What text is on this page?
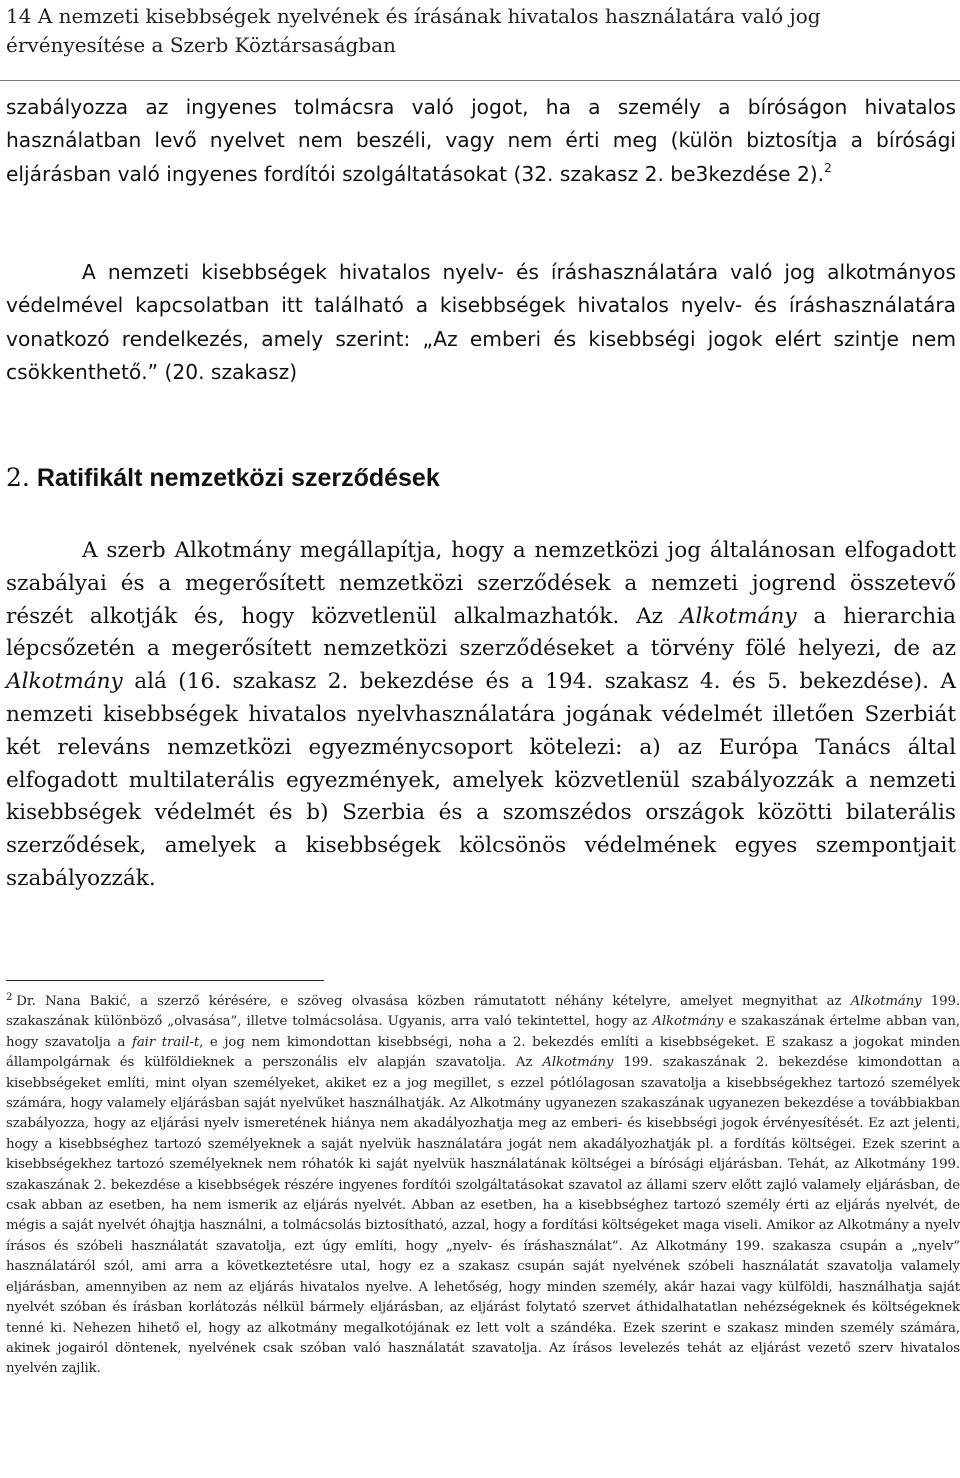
14 A nemzeti kisebbségek nyelvének és írásának hivatalos használatára való jog érvényesítése a Szerb Köztársaságban

szabályozza az ingyenes tolmácsra való jogot, ha a személy a bíróságon hivatalos használatban levő nyelvet nem beszéli, vagy nem érti meg (külön biztosítja a bírósági eljárásban való ingyenes fordítói szolgáltatásokat (32. szakasz 2. be3kezdése 2).$^2$

A nemzeti kisebbségek hivatalos nyelv- és íráshasználatára való jog alkotmányos védelmével kapcsolatban itt található a kisebbségek hivatalos nyelv- és íráshasználatára vonatkozó rendelkezés, amely szerint: „Az emberi és kisebbségi jogok elért szintje nem csökkenthető.” (20. szakasz)

2. Ratifikált nemzetközi szerződések

A szerb Alkotmány megállapítja, hogy a nemzetközi jog általánosan elfogadott szabályai és a megerősített nemzetközi szerződések a nemzeti jogrend összetevő részét alkotják és, hogy közvetlenül alkalmazhatók. Az Alkotmány a hierarchia lépcsőzetén a megerősített nemzetközi szerződéseket a törvény fölé helyezi, de az Alkotmány alá (16. szakasz 2. bekezdése és a 194. szakasz 4. és 5. bekezdése). A nemzeti kisebbségek hivatalos nyelvhasználatára jogának védelmét illetően Szerbiát két releváns nemzetközi egyezménycsoport kötelezi: a) az Európa Tanács által elfogadott multilaterális egyezmények, amelyek közvetlenül szabályozzák a nemzeti kisebbségek védelmét és b) Szerbia és a szomszédos országok közötti bilaterális szerződések, amelyek a kisebbségek kölcsönös védelmének egyes szempontjait szabályozzák.

$^2$ Dr. Nana Bakić, a szerző kérésére, e szöveg olvasása közben rámutatott néhány kételyre, amelyet megnyithat az Alkotmány 199. szakaszának különböző „olvasása”, illetve tolmácsolása. Ugyanis, arra való tekintettel, hogy az Alkotmány e szakaszának értelme abban van, hogy szavatolja a fair trail-t, e jog nem kimondottan kisebbségi, noha a 2. bekezdés említi a kisebbségeket. E szakasz a jogokat minden állampolgárnak és külföldieknek a perszonális elv alapján szavatolja. Az Alkotmány 199. szakaszának 2. bekezdése kimondottan a kisebbségeket említi, mint olyan személyeket, akiket ez a jog megillet, s ezzel pótlólagosan szavatolja a kisebbségekhez tartozó személyek számára, hogy valamely eljárásban saját nyelvűket használhatják. Az Alkotmány ugyanezen szakaszának ugyanezen bekezdése a továbbiakban szabályozza, hogy az eljárási nyelv ismeretének hiánya nem akadályozhatja meg az emberi- és kisebbségi jogok érvényesítését. Ez azt jelenti, hogy a kisebbséghez tartozó személyeknek a saját nyelvük használatára jogát nem akadályozhatják pl. a fordítás költségei. Ezek szerint a kisebbségekhez tartozó személyeknek nem róhatók ki saját nyelvük használatának költségei a bírósági eljárásban. Tehát, az Alkotmány 199. szakaszának 2. bekezdése a kisebbségek részére ingyenes fordítói szolgáltatásokat szavatol az állami szerv előtt zajló valamely eljárásban, de csak abban az esetben, ha nem ismerik az eljárás nyelvét. Abban az esetben, ha a kisebbséghez tartozó személy érti az eljárás nyelvét, de mégis a saját nyelvét óhajtja használni, a tolmácsolás biztosítható, azzal, hogy a fordítási költségeket maga viseli. Amikor az Alkotmány a nyelv írásos és szóbeli használatát szavatolja, ezt úgy említi, hogy „nyelv- és íráshasználat”. Az Alkotmány 199. szakasza csupán a „nyelv” használatáról szól, ami arra a következtetésre utal, hogy ez a szakasz csupán saját nyelvének szóbeli használatát szavatolja valamely eljárásban, amennyiben az nem az eljárás hivatalos nyelve. A lehetőség, hogy minden személy, akár hazai vagy külföldi, használhatja saját nyelvét szóban és írásban korlátozás nélkül bármely eljárásban, az eljárást folytató szervet áthidalhatatlan nehézségeknek és költségeknek tenné ki. Nehezen hihető el, hogy az alkotmány megalkotójának ez lett volt a szándéka. Ezek szerint e szakasz minden személy számára, akinek jogairól döntenek, nyelvének csak szóban való használatát szavatolja. Az írásos levelezés tehát az eljárást vezető szerv hivatalos nyelvén zajlik.
